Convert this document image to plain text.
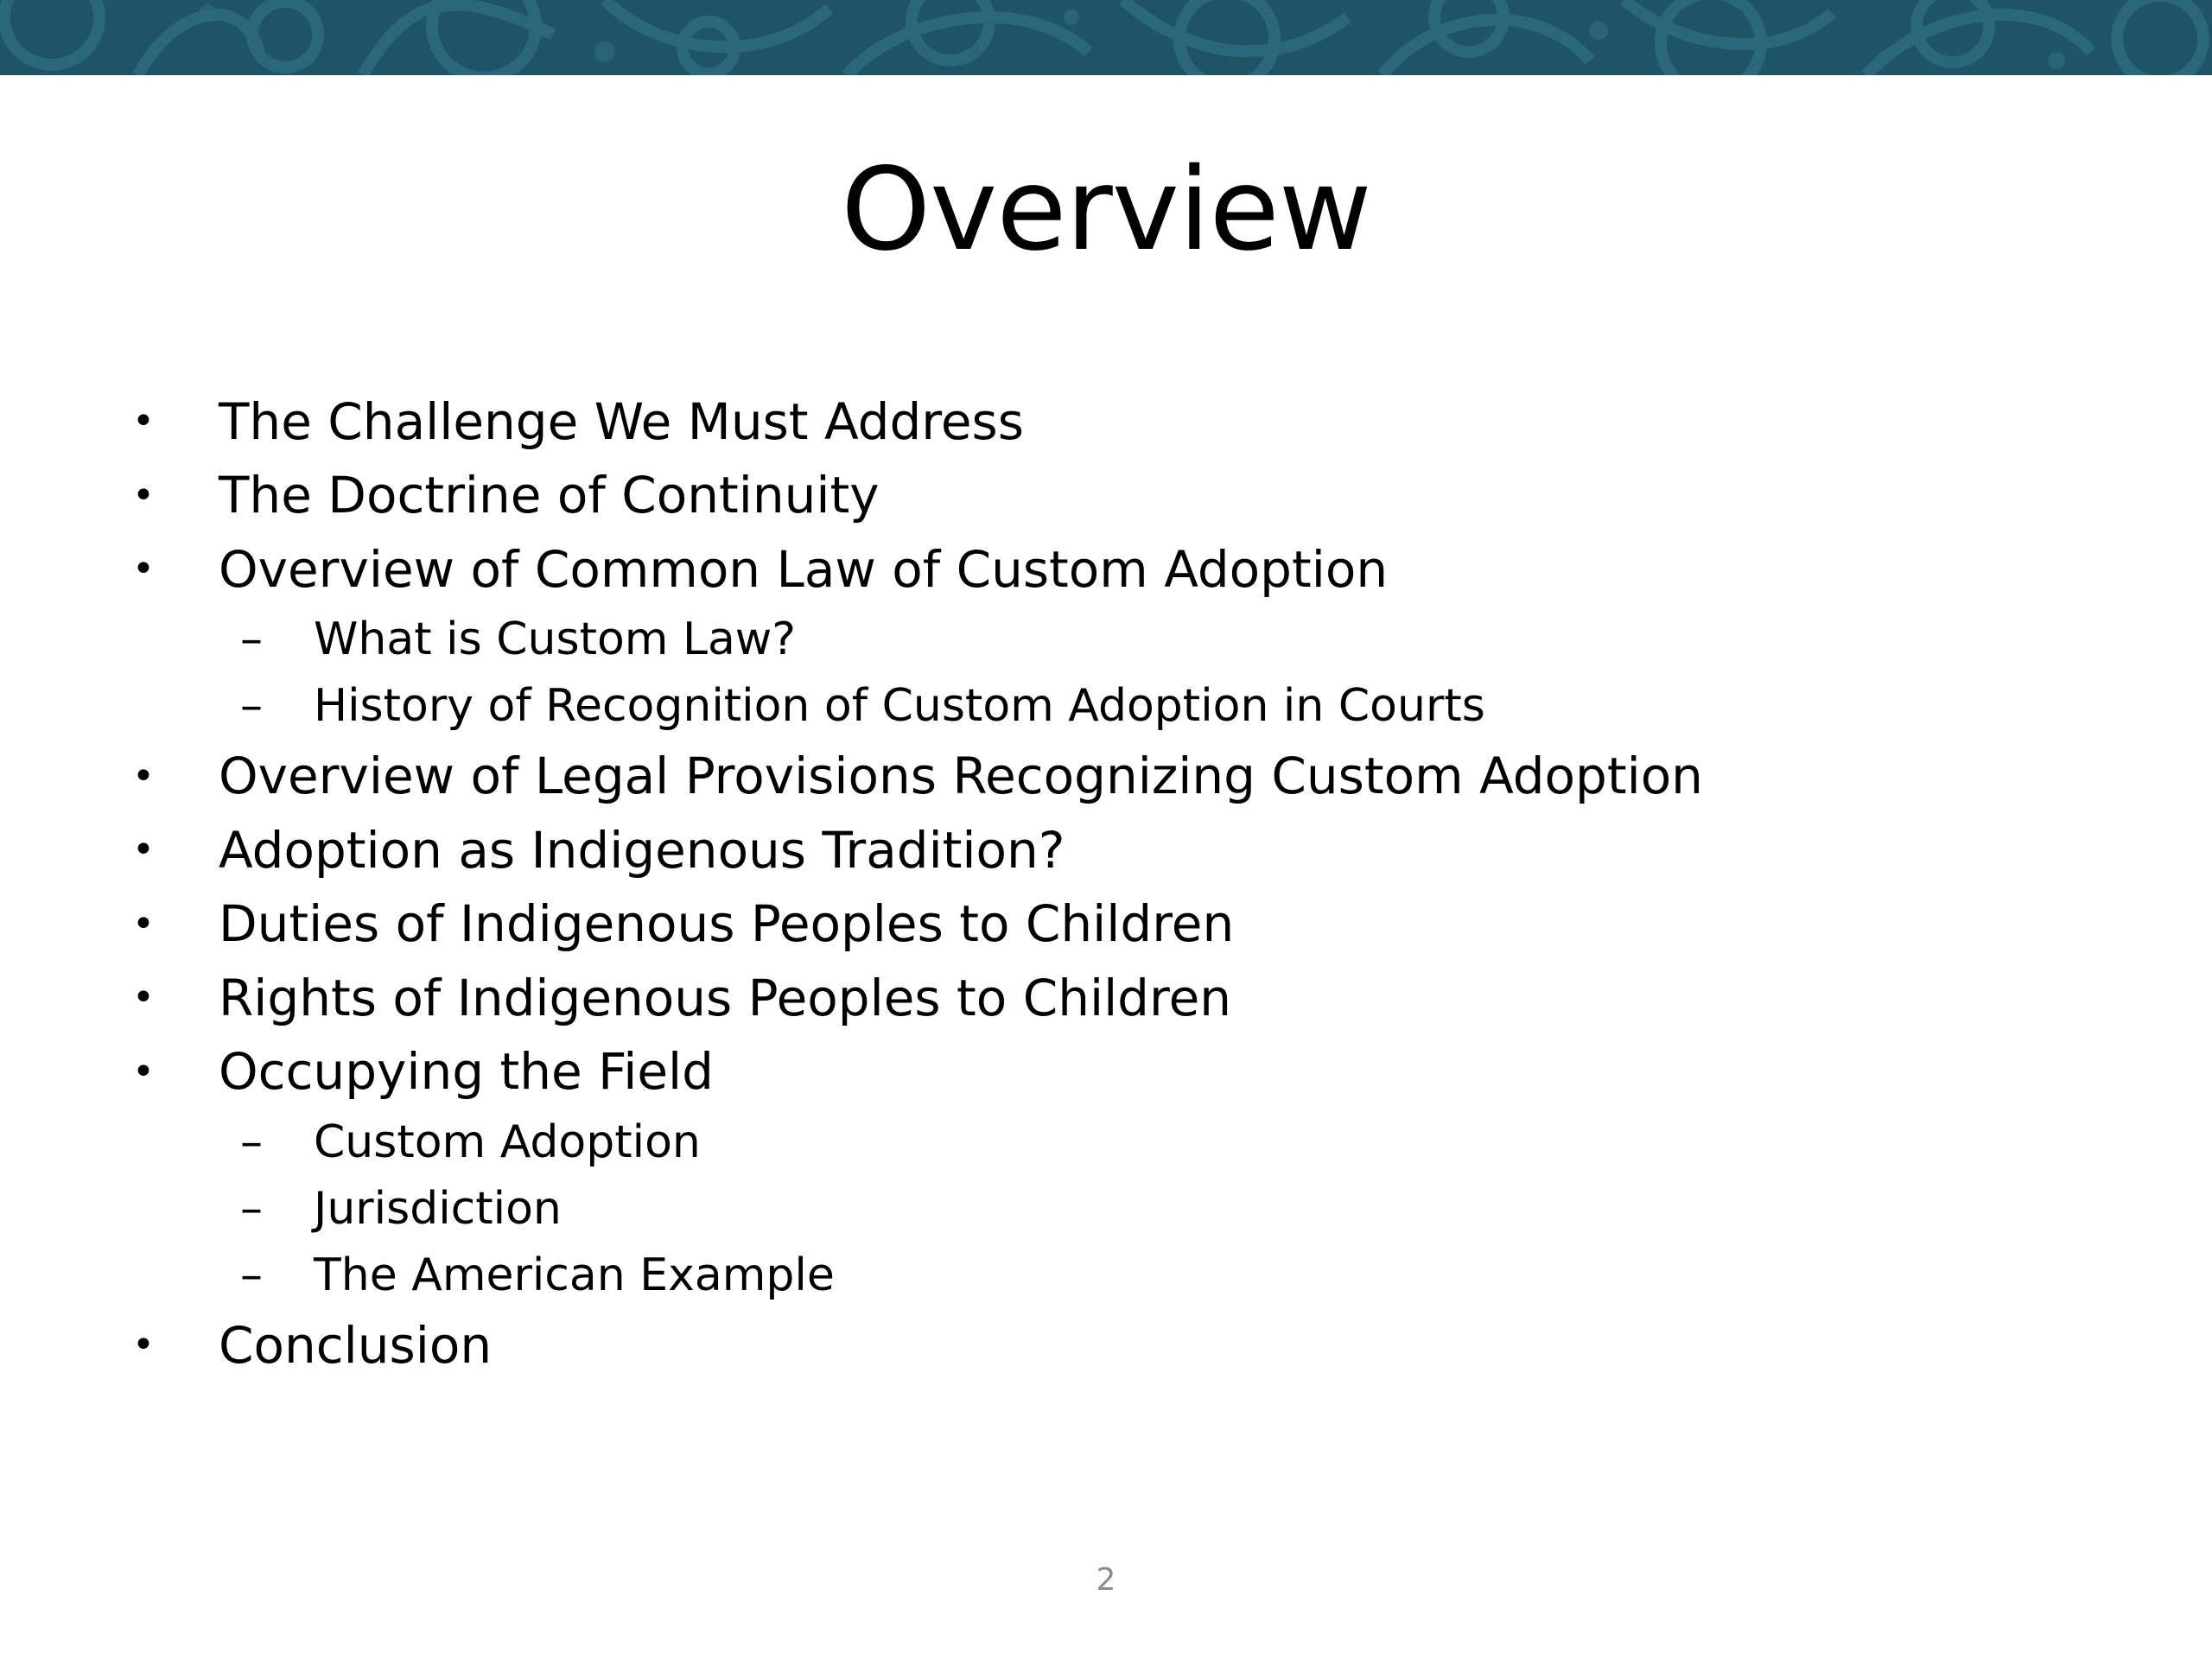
Overview
•	The Challenge We Must Address
•	The Doctrine of Continuity
•	Overview of Common Law of Custom Adoption
–	What is Custom Law?
–	History of Recognition of Custom Adoption in Courts
•	Overview of Legal Provisions Recognizing Custom Adoption
•	Adoption as Indigenous Tradition?
•	Duties of Indigenous Peoples to Children
•	Rights of Indigenous Peoples to Children
•	Occupying the Field
–	Custom Adoption
–	Jurisdiction
–	The American Example
•	Conclusion
2
